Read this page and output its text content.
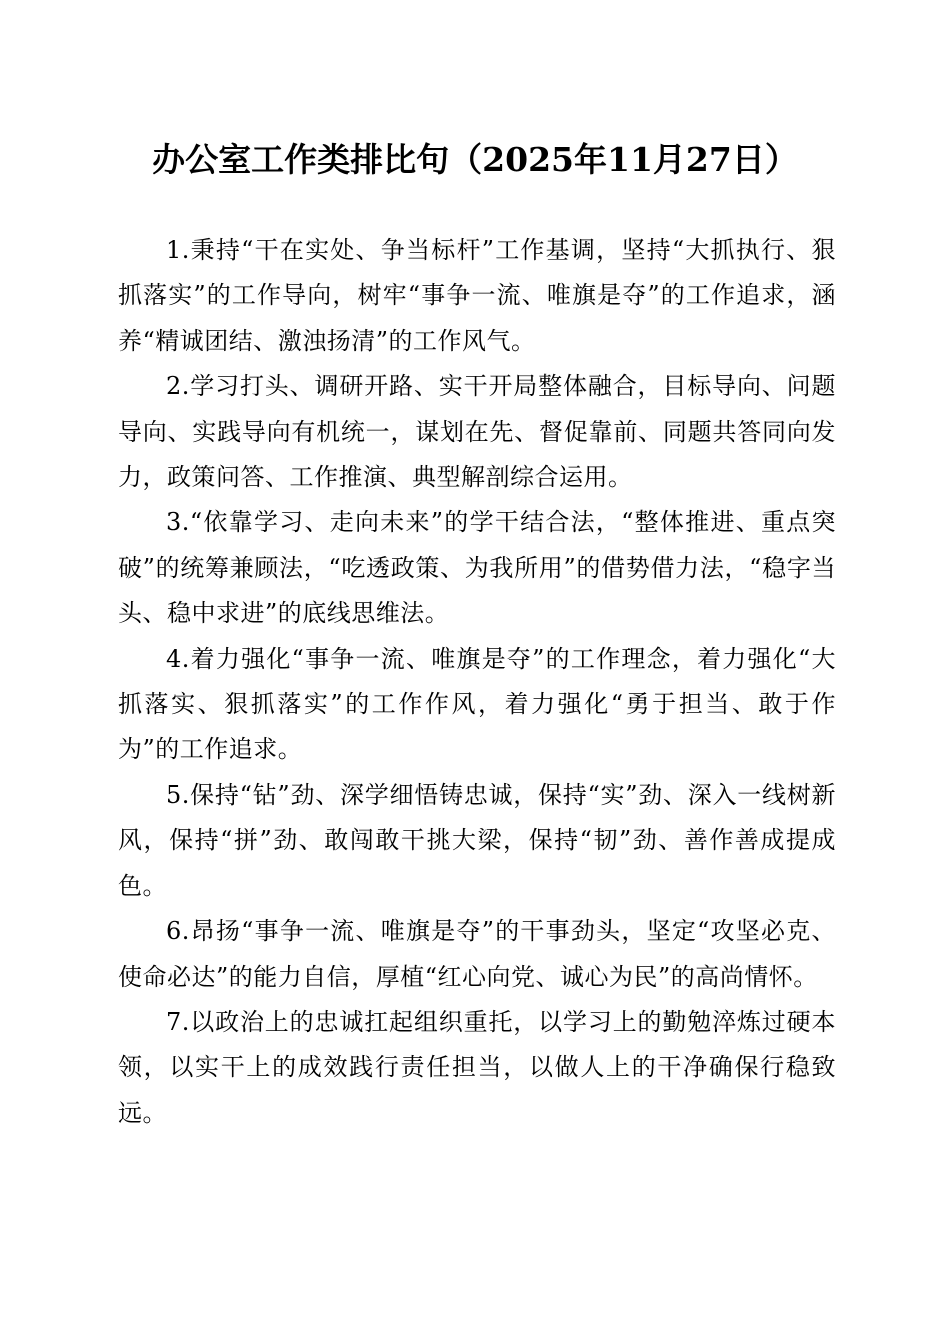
办公室工作类排比句（2025年11月27日）

1.秉持“干在实处、争当标杆”工作基调，坚持“大抓执行、狠抓落实”的工作导向，树牢“事争一流、唯旗是夺”的工作追求，涵养“精诚团结、激浊扬清”的工作风气。

2.学习打头、调研开路、实干开局整体融合，目标导向、问题导向、实践导向有机统一，谋划在先、督促靠前、同题共答同向发力，政策问答、工作推演、典型解剖综合运用。

3.“依靠学习、走向未来”的学干结合法，“整体推进、重点突破”的统筹兼顾法，“吃透政策、为我所用”的借势借力法，“稳字当头、稳中求进”的底线思维法。

4.着力强化“事争一流、唯旗是夺”的工作理念，着力强化“大抓落实、狠抓落实”的工作作风，着力强化“勇于担当、敢于作为”的工作追求。

5.保持“钻”劲、深学细悟铸忠诚，保持“实”劲、深入一线树新风，保持“拼”劲、敢闯敢干挑大梁，保持“韧”劲、善作善成提成色。

6.昂扬“事争一流、唯旗是夺”的干事劲头，坚定“攻坚必克、使命必达”的能力自信，厚植“红心向党、诚心为民”的高尚情怀。

7.以政治上的忠诚扛起组织重托，以学习上的勤勉淬炼过硬本领，以实干上的成效践行责任担当，以做人上的干净确保行稳致远。
